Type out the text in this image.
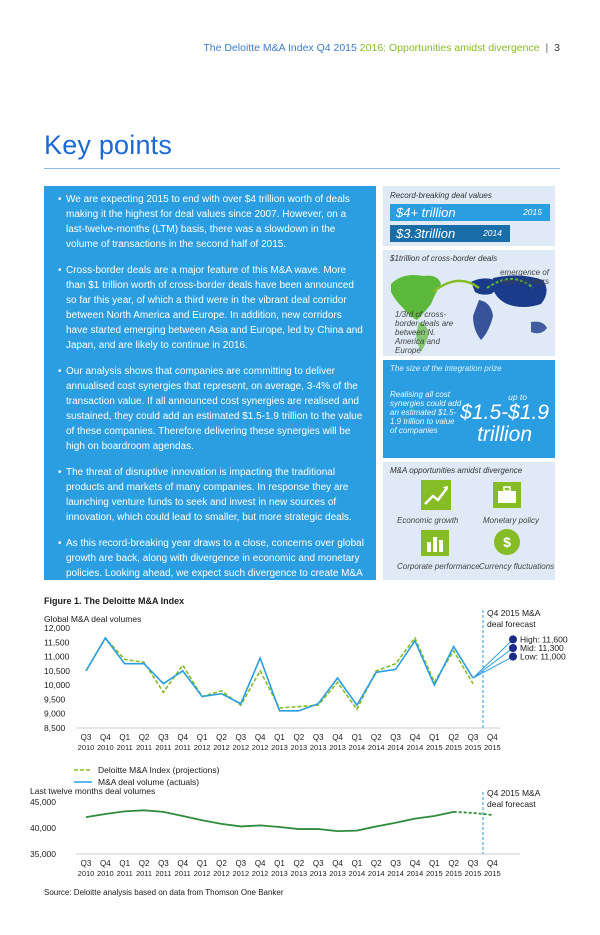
The Deloitte M&A Index Q4 2015 2016: Opportunities amidst divergence | 3
Key points
• We are expecting 2015 to end with over $4 trillion worth of deals making it the highest for deal values since 2007. However, on a last-twelve-months (LTM) basis, there was a slowdown in the volume of transactions in the second half of 2015.
• Cross-border deals are a major feature of this M&A wave. More than $1 trillion worth of cross-border deals have been announced so far this year, of which a third were in the vibrant deal corridor between North America and Europe. In addition, new corridors have started emerging between Asia and Europe, led by China and Japan, and are likely to continue in 2016.
• Our analysis shows that companies are committing to deliver annualised cost synergies that represent, on average, 3-4% of the transaction value. If all announced cost synergies are realised and sustained, they could add an estimated $1.5-1.9 trillion to the value of these companies. Therefore delivering these synergies will be high on boardroom agendas.
• The threat of disruptive innovation is impacting the traditional products and markets of many companies. In response they are launching venture funds to seek and invest in new sources of innovation, which could lead to smaller, but more strategic deals.
• As this record-breaking year draws to a close, concerns over global growth are back, along with divergence in economic and monetary policies. Looking ahead, we expect such divergence to create M&A opportunities and define dealmaking in 2016.
Record-breaking deal values
$4+ trillion	2015
$3.3trillion	2014
$1trillion of cross-border deals
emergence of new corridors
1/3rd of cross-border deals are between N. America and Europe
The size of the integration prize
Realising all cost synergies could add an estimated $1.5-1.9 trillion to value of companies
up to
$1.5-$1.9
trillion
M&A opportunities amidst divergence
Economic growth	Monetary policy
Corporate performance
$
Currency fluctuations
Figure 1. The Deloitte M&A Index
Global M&A deal volumes
8,500
9,000
9,500
10,000
10,500
11,000
11,500
12,000
Q3
2010
Q4
2010
Q1
2011
Q2
2011
Q3
2011
Q4
2011
Q1
2012
Q2
2012
Q3
2012
Q4
2012
Q1
2013
Q2
2013
Q3
2013
Q4
2013
Q1
2014
Q2
2014
Q3
2014
Q4
2014
Q1
2015
Q2
2015
Q3
2015
Q4
2015
Q4 2015 M&A
deal forecast
High: 11,600
Mid: 11,300
Low: 11,000
Deloitte M&A Index (projections)
M&A deal volume (actuals)
Last twelve months deal volumes
35,000
40,000
45,000
Q3
2010
Q4
2010
Q1
2011
Q2
2011
Q3
2011
Q4
2011
Q1
2012
Q2
2012
Q3
2012
Q4
2012
Q1
2013
Q2
2013
Q3
2013
Q4
2013
Q1
2014
Q2
2014
Q3
2014
Q4
2014
Q1
2015
Q2
2015
Q3
2015
Q4
2015
Q4 2015 M&A
deal forecast
Source: Deloitte analysis based on data from Thomson One Banker
